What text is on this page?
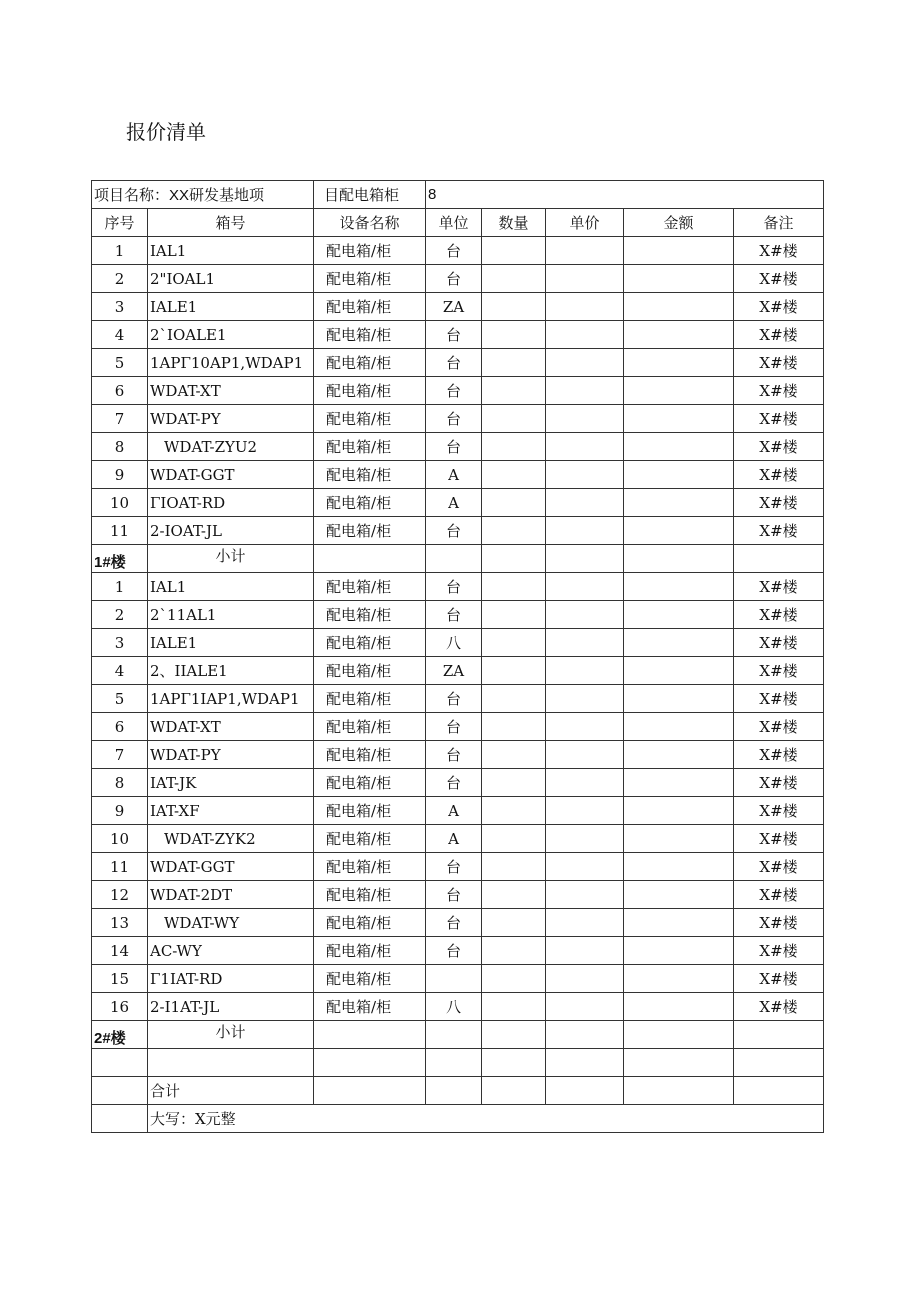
报价清单
项目名称：XX研发基地项		目配电箱柜	8				
序号	箱号	设备名称	单位	数量	单价	金额	备注
1	IAL1	配电箱/柜	台				X#楼
2	2"IOAL1	配电箱/柜	台				X#楼
3	IALE1	配电箱/柜	ZA				X#楼
4	2`IOALE1	配电箱/柜	台				X#楼
5	1APΓ10AP1,WDAP1	配电箱/柜	台				X#楼
6	WDAT-XT	配电箱/柜	台				X#楼
7	WDAT-PY	配电箱/柜	台				X#楼
8	WDAT-ZYU2	配电箱/柜	台				X#楼
9	WDAT-GGT	配电箱/柜	A				X#楼
10	ΓIOAT-RD	配电箱/柜	A				X#楼
11	2-IOAT-JL	配电箱/柜	台				X#楼
1#楼	小计						
1	IAL1	配电箱/柜	台				X#楼
2	2`11AL1	配电箱/柜	台				X#楼
3	IALE1	配电箱/柜	八				X#楼
4	2、IIALE1	配电箱/柜	ZA				X#楼
5	1APΓ1IAP1,WDAP1	配电箱/柜	台				X#楼
6	WDAT-XT	配电箱/柜	台				X#楼
7	WDAT-PY	配电箱/柜	台				X#楼
8	IAT-JK	配电箱/柜	台				X#楼
9	IAT-XF	配电箱/柜	A				X#楼
10	WDAT-ZYK2	配电箱/柜	A				X#楼
11	WDAT-GGT	配电箱/柜	台				X#楼
12	WDAT-2DT	配电箱/柜	台				X#楼
13	WDAT-WY	配电箱/柜	台				X#楼
14	AC-WY	配电箱/柜	台				X#楼
15	Γ1IAT-RD	配电箱/柜					X#楼
16	2-I1AT-JL	配电箱/柜	八				X#楼
2#楼	小计						

	合计						
	大写：X元整						
